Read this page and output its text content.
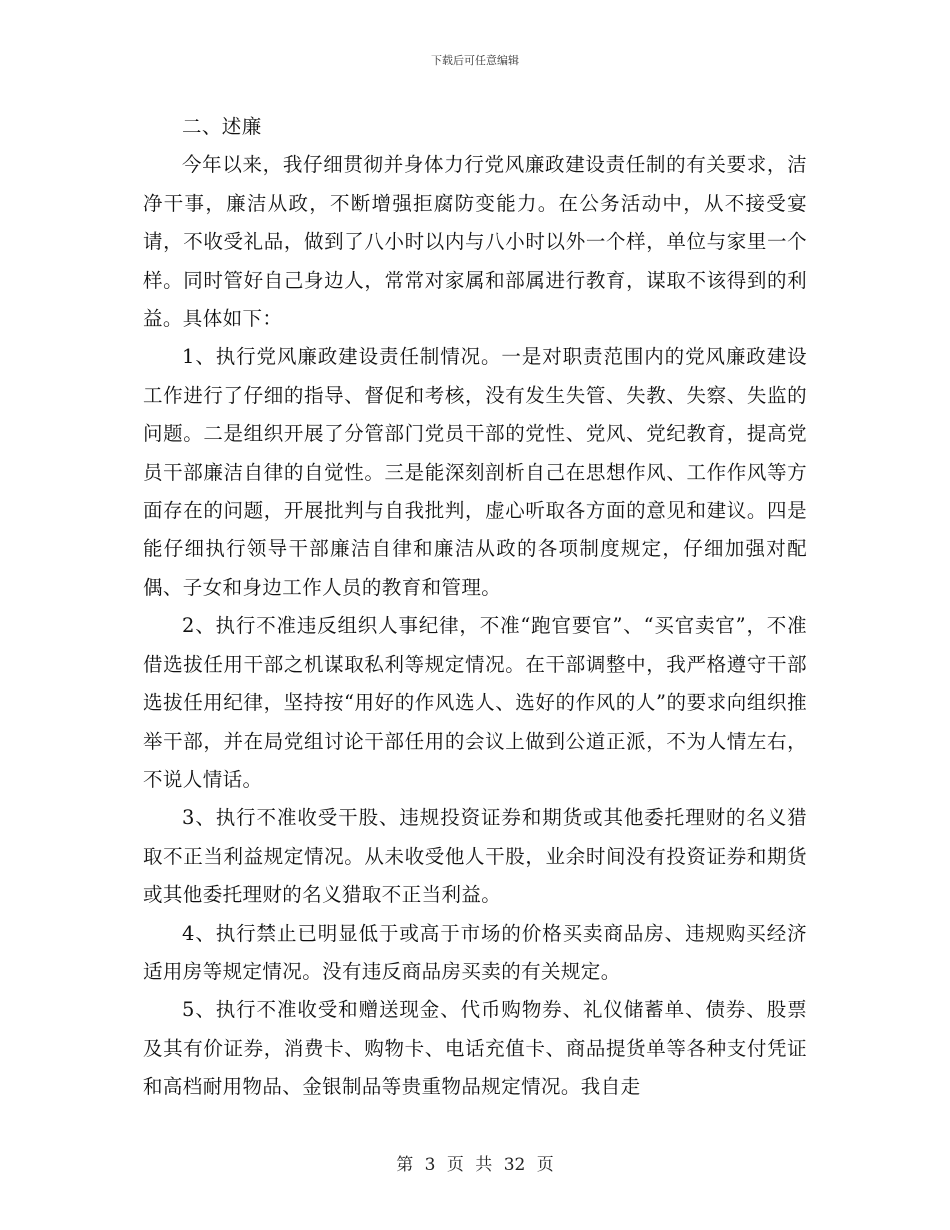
下载后可任意编辑

二、述廉

今年以来，我仔细贯彻并身体力行党风廉政建设责任制的有关要求，洁净干事，廉洁从政，不断增强拒腐防变能力。在公务活动中，从不接受宴请，不收受礼品，做到了八小时以内与八小时以外一个样，单位与家里一个样。同时管好自己身边人，常常对家属和部属进行教育，谋取不该得到的利益。具体如下：

1、执行党风廉政建设责任制情况。一是对职责范围内的党风廉政建设工作进行了仔细的指导、督促和考核，没有发生失管、失教、失察、失监的问题。二是组织开展了分管部门党员干部的党性、党风、党纪教育，提高党员干部廉洁自律的自觉性。三是能深刻剖析自己在思想作风、工作作风等方面存在的问题，开展批判与自我批判，虚心听取各方面的意见和建议。四是能仔细执行领导干部廉洁自律和廉洁从政的各项制度规定，仔细加强对配偶、子女和身边工作人员的教育和管理。

2、执行不准违反组织人事纪律，不准“跑官要官”、“买官卖官”，不准借选拔任用干部之机谋取私利等规定情况。在干部调整中，我严格遵守干部选拔任用纪律，坚持按“用好的作风选人、选好的作风的人”的要求向组织推举干部，并在局党组讨论干部任用的会议上做到公道正派，不为人情左右，不说人情话。

3、执行不准收受干股、违规投资证券和期货或其他委托理财的名义猎取不正当利益规定情况。从未收受他人干股，业余时间没有投资证券和期货或其他委托理财的名义猎取不正当利益。

4、执行禁止已明显低于或高于市场的价格买卖商品房、违规购买经济适用房等规定情况。没有违反商品房买卖的有关规定。

5、执行不准收受和赠送现金、代币购物券、礼仪储蓄单、债券、股票及其有价证券，消费卡、购物卡、电话充值卡、商品提货单等各种支付凭证和高档耐用物品、金银制品等贵重物品规定情况。我自走

第 3 页 共 32 页
